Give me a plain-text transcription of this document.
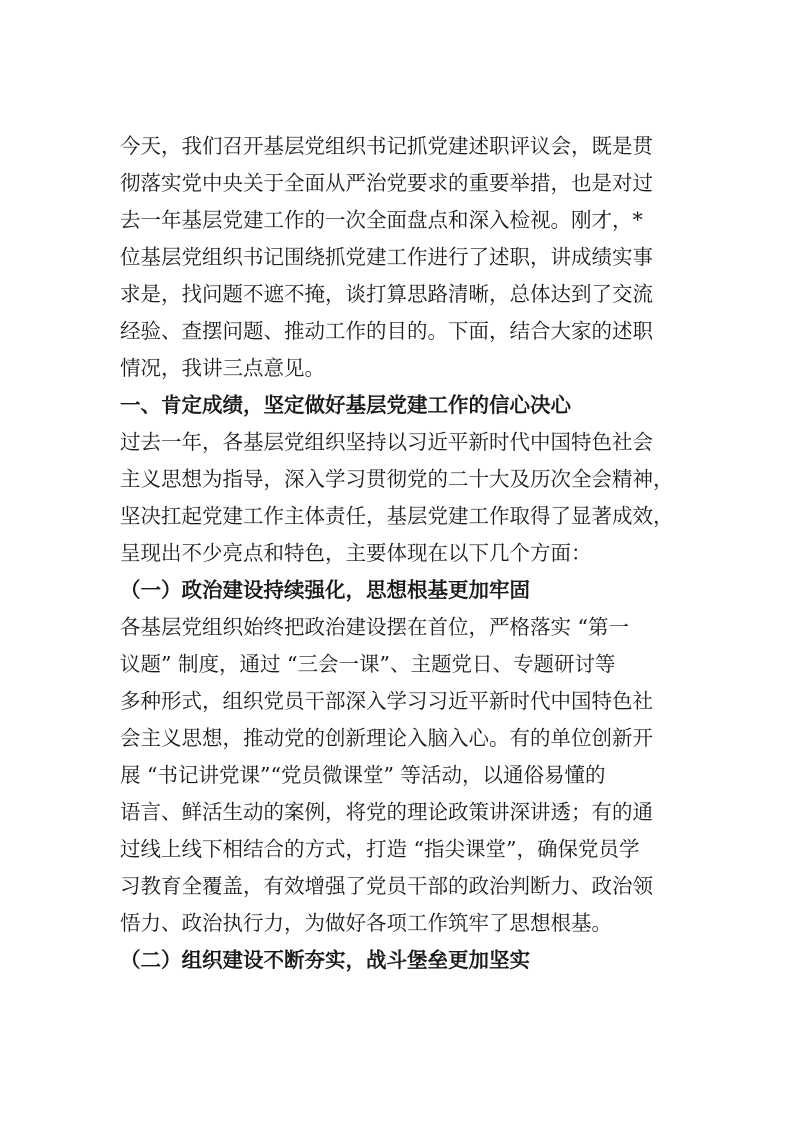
今天，我们召开基层党组织书记抓党建述职评议会，既是贯
彻落实党中央关于全面从严治党要求的重要举措，也是对过
去一年基层党建工作的一次全面盘点和深入检视。刚才，*
位基层党组织书记围绕抓党建工作进行了述职，讲成绩实事
求是，找问题不遮不掩，谈打算思路清晰，总体达到了交流
经验、查摆问题、推动工作的目的。下面，结合大家的述职
情况，我讲三点意见。
一、肯定成绩，坚定做好基层党建工作的信心决心
过去一年，各基层党组织坚持以习近平新时代中国特色社会
主义思想为指导，深入学习贯彻党的二十大及历次全会精神，
坚决扛起党建工作主体责任，基层党建工作取得了显著成效，
呈现出不少亮点和特色，主要体现在以下几个方面：
（一）政治建设持续强化，思想根基更加牢固
各基层党组织始终把政治建设摆在首位，严格落实 “第一
议题” 制度，通过 “三会一课”、主题党日、专题研讨等
多种形式，组织党员干部深入学习习近平新时代中国特色社
会主义思想，推动党的创新理论入脑入心。有的单位创新开
展 “书记讲党课”“党员微课堂” 等活动，以通俗易懂的
语言、鲜活生动的案例，将党的理论政策讲深讲透；有的通
过线上线下相结合的方式，打造 “指尖课堂”，确保党员学
习教育全覆盖，有效增强了党员干部的政治判断力、政治领
悟力、政治执行力，为做好各项工作筑牢了思想根基。
（二）组织建设不断夯实，战斗堡垒更加坚实
